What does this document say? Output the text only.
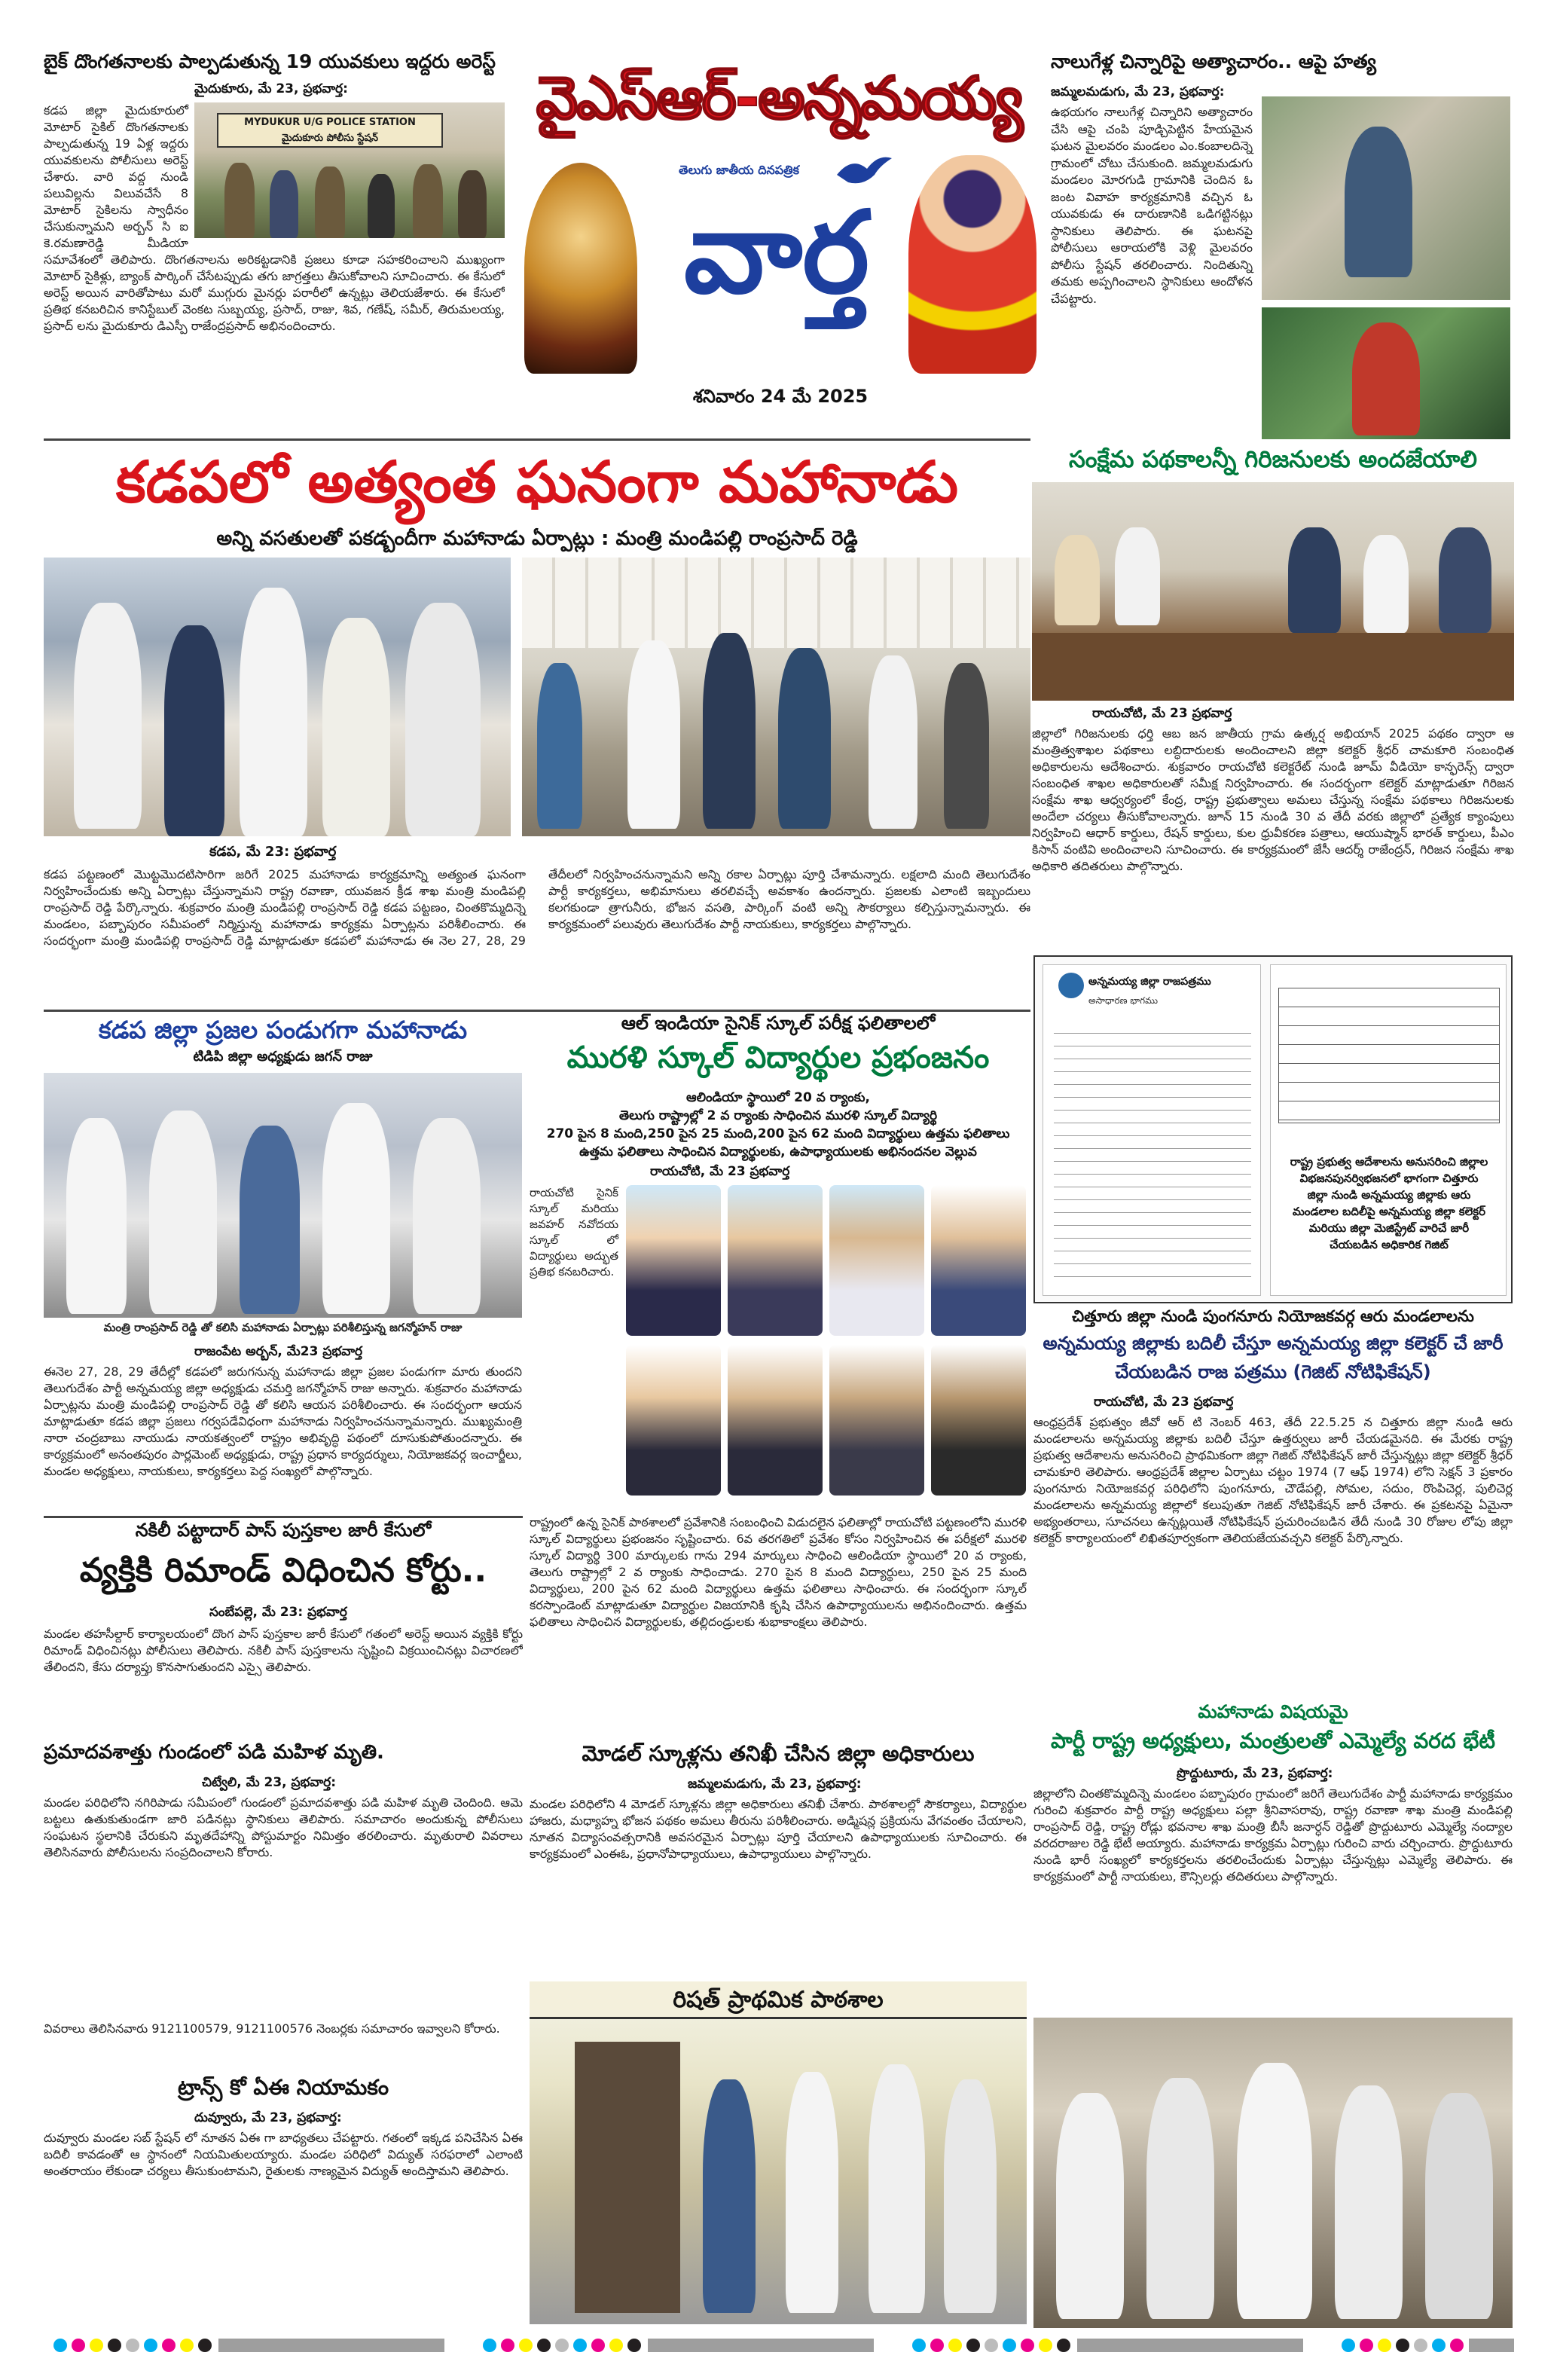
బైక్ దొంగతనాలకు పాల్పడుతున్న 19 యువకులు ఇద్దరు అరెస్ట్
మైదుకూరు, మే 23, ప్రభవార్త:
MYDUKUR U/G POLICE STATION
మైదుకూరు పోలీసు స్టేషన్
కడప జిల్లా మైదుకూరులో మోటార్ సైకిల్ దొంగతనాలకు పాల్పడుతున్న 19 ఏళ్ల ఇద్దరు యువకులను పోలీసులు అరెస్ట్ చేశారు. వారి వద్ద నుండి పలువిల్లను విలువచేసే 8 మోటార్ సైకిలను స్వాధీనం చేసుకున్నామని అర్బన్ సి ఐ కె.రమణారెడ్డి మీడియా సమావేశంలో తెలిపారు. దొంగతనాలను అరికట్టడానికి ప్రజలు కూడా సహకరించాలని ముఖ్యంగా మోటార్ సైకిళ్లు, బ్యాంక్ పార్కింగ్ చేసేటప్పుడు తగు జాగ్రత్తలు తీసుకోవాలని సూచించారు. ఈ కేసులో అరెస్ట్ అయిన వారితోపాటు మరో ముగ్గురు మైనర్లు పరారీలో ఉన్నట్లు తెలియజేశారు. ఈ కేసులో ప్రతిభ కనబరిచిన కానిస్టేబుల్ వెంకట సుబ్బయ్య, ప్రసాద్, రాజు, శివ, గణేష్, సమీర్, తిరుమలయ్య, ప్రసాద్ లను మైదుకూరు డిఎస్పీ రాజేంద్రప్రసాద్ అభినందించారు.
వైఎస్ఆర్-అన్నమయ్య
తెలుగు జాతీయ దినపత్రిక
వార్త
శనివారం 24 మే 2025
నాలుగేళ్ల చిన్నారిపై అత్యాచారం.. ఆపై హత్య
జమ్మలమడుగు, మే 23, ప్రభవార్త:
ఉభయగం నాలుగేళ్ల చిన్నారిని అత్యాచారం చేసి ఆపై చంపి పూడ్చిపెట్టిన హేయమైన ఘటన మైలవరం మండలం ఎం.కంబాలదిన్నె గ్రామంలో చోటు చేసుకుంది. జమ్మలమడుగు మండలం మోరగుడి గ్రామానికి చెందిన ఓ జంట వివాహ కార్యక్రమానికి వచ్చిన ఓ యువకుడు ఈ దారుణానికి ఒడిగట్టినట్లు స్థానికులు తెలిపారు. ఈ ఘటనపై పోలీసులు ఆరాయలోకి వెళ్లి మైలవరం పోలీసు స్టేషన్ తరలించారు. నిందితున్ని తమకు అప్పగించాలని స్థానికులు ఆందోళన చేపట్టారు.
కడపలో అత్యంత ఘనంగా మహానాడు
అన్ని వసతులతో పకడ్బందీగా మహానాడు ఏర్పాట్లు : మంత్రి మండిపల్లి రాంప్రసాద్ రెడ్డి
కడప, మే 23: ప్రభవార్త
కడప పట్టణంలో మొట్టమొదటిసారిగా జరిగే 2025 మహానాడు కార్యక్రమాన్ని అత్యంత ఘనంగా నిర్వహించేందుకు అన్ని ఏర్పాట్లు చేస్తున్నామని రాష్ట్ర రవాణా, యువజన క్రీడ శాఖ మంత్రి మండిపల్లి రాంప్రసాద్ రెడ్డి పేర్కొన్నారు. శుక్రవారం మంత్రి మండిపల్లి రాంప్రసాద్ రెడ్డి కడప పట్టణం, చింతకొమ్మదిన్నె మండలం, పబ్బాపురం సమీపంలో నిర్మిస్తున్న మహానాడు కార్యక్రమ ఏర్పాట్లను పరిశీలించారు. ఈ సందర్భంగా మంత్రి మండిపల్లి రాంప్రసాద్ రెడ్డి మాట్లాడుతూ కడపలో మహానాడు ఈ నెల 27, 28, 29 తేదీలలో నిర్వహించనున్నామని అన్ని రకాల ఏర్పాట్లు పూర్తి చేశామన్నారు. లక్షలాది మంది తెలుగుదేశం పార్టీ కార్యకర్తలు, అభిమానులు తరలివచ్చే అవకాశం ఉందన్నారు. ప్రజలకు ఎలాంటి ఇబ్బందులు కలగకుండా త్రాగునీరు, భోజన వసతి, పార్కింగ్ వంటి అన్ని సౌకర్యాలు కల్పిస్తున్నామన్నారు. ఈ కార్యక్రమంలో పలువురు తెలుగుదేశం పార్టీ నాయకులు, కార్యకర్తలు పాల్గొన్నారు.
సంక్షేమ పథకాలన్నీ గిరిజనులకు అందజేయాలి
రాయచోటి, మే 23 ప్రభవార్త
జిల్లాలో గిరిజనులకు ధర్తి ఆబ జన జాతీయ గ్రామ ఉత్కర్ష అభియాన్ 2025 పథకం ద్వారా ఆ మంత్రిత్వశాఖల పథకాలు లబ్ధిదారులకు అందించాలని జిల్లా కలెక్టర్ శ్రీధర్ చామకూరి సంబంధిత అధికారులను ఆదేశించారు. శుక్రవారం రాయచోటి కలెక్టరేట్ నుండి జూమ్ వీడియో కాన్ఫరెన్స్ ద్వారా సంబంధిత శాఖల అధికారులతో సమీక్ష నిర్వహించారు. ఈ సందర్భంగా కలెక్టర్ మాట్లాడుతూ గిరిజన సంక్షేమ శాఖ ఆధ్వర్యంలో కేంద్ర, రాష్ట్ర ప్రభుత్వాలు అమలు చేస్తున్న సంక్షేమ పథకాలు గిరిజనులకు అందేలా చర్యలు తీసుకోవాలన్నారు. జూన్ 15 నుండి 30 వ తేదీ వరకు జిల్లాలో ప్రత్యేక క్యాంపులు నిర్వహించి ఆధార్ కార్డులు, రేషన్ కార్డులు, కుల ధ్రువీకరణ పత్రాలు, ఆయుష్మాన్ భారత్ కార్డులు, పీఎం కిసాన్ వంటివి అందించాలని సూచించారు. ఈ కార్యక్రమంలో జేసీ ఆదర్శ్ రాజేంద్రన్, గిరిజన సంక్షేమ శాఖ అధికారి తదితరులు పాల్గొన్నారు.
అన్నమయ్య జిల్లా రాజపత్రము
అసాధారణ భాగము
రాష్ట్ర ప్రభుత్వ ఆదేశాలను అనుసరించి జిల్లాల
విభజనపునర్విభజనలో భాగంగా చిత్తూరు
జిల్లా నుండి అన్నమయ్య జిల్లాకు ఆరు
మండలాల బదిలీపై అన్నమయ్య జిల్లా కలెక్టర్
మరియు జిల్లా మెజిస్ట్రేట్ వారిచే జారీ
చేయబడిన అధికారిక గెజిట్
కడప జిల్లా ప్రజల పండుగగా మహానాడు
టిడిపి జిల్లా అధ్యక్షుడు జగన్ రాజు
మంత్రి రాంప్రసాద్ రెడ్డి తో కలిసి మహానాడు ఏర్పాట్లు పరిశీలిస్తున్న జగన్మోహన్ రాజు
రాజంపేట అర్బన్, మే23 ప్రభవార్త
ఈనెల 27, 28, 29 తేదీల్లో కడపలో జరుగనున్న మహానాడు జిల్లా ప్రజల పండుగగా మారు తుందని తెలుగుదేశం పార్టీ అన్నమయ్య జిల్లా అధ్యక్షుడు చమర్తి జగన్మోహన్ రాజు అన్నారు. శుక్రవారం మహానాడు ఏర్పాట్లను మంత్రి మండిపల్లి రాంప్రసాద్ రెడ్డి తో కలిసి ఆయన పరిశీలించారు. ఈ సందర్భంగా ఆయన మాట్లాడుతూ కడప జిల్లా ప్రజలు గర్వపడేవిధంగా మహానాడు నిర్వహించనున్నామన్నారు. ముఖ్యమంత్రి నారా చంద్రబాబు నాయుడు నాయకత్వంలో రాష్ట్రం అభివృద్ధి పథంలో దూసుకుపోతుందన్నారు. ఈ కార్యక్రమంలో అనంతపురం పార్లమెంట్ అధ్యక్షుడు, రాష్ట్ర ప్రధాన కార్యదర్శులు, నియోజకవర్గ ఇంచార్జీలు, మండల అధ్యక్షులు, నాయకులు, కార్యకర్తలు పెద్ద సంఖ్యలో పాల్గొన్నారు.
ఆల్ ఇండియా సైనిక్ స్కూల్ పరీక్ష ఫలితాలలో
మురళి స్కూల్ విద్యార్థుల ప్రభంజనం
ఆలిండియా స్థాయిలో 20 వ ర్యాంకు,
తెలుగు రాష్ట్రాల్లో 2 వ ర్యాంకు సాధించిన మురళి స్కూల్ విద్యార్థి
270 పైన 8 మంది,250 పైన 25 మంది,200 పైన 62 మంది విద్యార్థులు ఉత్తమ ఫలితాలు
ఉత్తమ ఫలితాలు సాధించిన విద్యార్థులకు, ఉపాధ్యాయులకు అభినందనల వెల్లువ
రాయచోటి, మే 23 ప్రభవార్త
రాయచోటి సైనిక్ స్కూల్ మరియు జవహర్ నవోదయ స్కూల్ లో విద్యార్థులు అద్భుత ప్రతిభ కనబరిచారు.
రాష్ట్రంలో ఉన్న సైనిక్ పాఠశాలలో ప్రవేశానికి సంబంధించి విడుదలైన ఫలితాల్లో రాయచోటి పట్టణంలోని మురళి స్కూల్ విద్యార్థులు ప్రభంజనం సృష్టించారు. 6వ తరగతిలో ప్రవేశం కోసం నిర్వహించిన ఈ పరీక్షలో మురళి స్కూల్ విద్యార్థి 300 మార్కులకు గాను 294 మార్కులు సాధించి ఆలిండియా స్థాయిలో 20 వ ర్యాంకు, తెలుగు రాష్ట్రాల్లో 2 వ ర్యాంకు సాధించాడు. 270 పైన 8 మంది విద్యార్థులు, 250 పైన 25 మంది విద్యార్థులు, 200 పైన 62 మంది విద్యార్థులు ఉత్తమ ఫలితాలు సాధించారు. ఈ సందర్భంగా స్కూల్ కరస్పాండెంట్ మాట్లాడుతూ విద్యార్థుల విజయానికి కృషి చేసిన ఉపాధ్యాయులను అభినందించారు. ఉత్తమ ఫలితాలు సాధించిన విద్యార్థులకు, తల్లిదండ్రులకు శుభాకాంక్షలు తెలిపారు.
చిత్తూరు జిల్లా నుండి పుంగనూరు నియోజకవర్గ ఆరు మండలాలను
అన్నమయ్య జిల్లాకు బదిలీ చేస్తూ అన్నమయ్య జిల్లా కలెక్టర్ చే జారీ
చేయబడిన రాజ పత్రము (గెజిట్ నోటిఫికేషన్)
రాయచోటి, మే 23 ప్రభవార్త
ఆంధ్రప్రదేశ్ ప్రభుత్వం జీవో ఆర్ టి నెంబర్ 463, తేదీ 22.5.25 న చిత్తూరు జిల్లా నుండి ఆరు మండలాలను అన్నమయ్య జిల్లాకు బదిలీ చేస్తూ ఉత్తర్వులు జారీ చేయడమైనది. ఈ మేరకు రాష్ట్ర ప్రభుత్వ ఆదేశాలను అనుసరించి ప్రాథమికంగా జిల్లా గెజిట్ నోటిఫికేషన్ జారీ చేస్తున్నట్లు జిల్లా కలెక్టర్ శ్రీధర్ చామకూరి తెలిపారు. ఆంధ్రప్రదేశ్ జిల్లాల ఏర్పాటు చట్టం 1974 (7 ఆఫ్ 1974) లోని సెక్షన్ 3 ప్రకారం పుంగనూరు నియోజకవర్గ పరిధిలోని పుంగనూరు, చౌడేపల్లి, సోమల, సదుం, రొంపిచెర్ల, పులిచెర్ల మండలాలను అన్నమయ్య జిల్లాలో కలుపుతూ గెజిట్ నోటిఫికేషన్ జారీ చేశారు. ఈ ప్రకటనపై ఏమైనా అభ్యంతరాలు, సూచనలు ఉన్నట్లయితే నోటిఫికేషన్ ప్రచురించబడిన తేదీ నుండి 30 రోజుల లోపు జిల్లా కలెక్టర్ కార్యాలయంలో లిఖితపూర్వకంగా తెలియజేయవచ్చని కలెక్టర్ పేర్కొన్నారు.
నకిలీ పట్టాదార్ పాస్ పుస్తకాల జారీ కేసులో
వ్యక్తికి రిమాండ్ విధించిన కోర్టు..
సంబేపల్లె, మే 23: ప్రభవార్త
మండల తహసీల్దార్ కార్యాలయంలో దొంగ పాస్ పుస్తకాల జారీ కేసులో గతంలో అరెస్ట్ అయిన వ్యక్తికి కోర్టు రిమాండ్ విధించినట్లు పోలీసులు తెలిపారు. నకిలీ పాస్ పుస్తకాలను సృష్టించి విక్రయించినట్లు విచారణలో తేలిందని, కేసు దర్యాప్తు కొనసాగుతుందని ఎస్సై తెలిపారు.
ప్రమాదవశాత్తు గుండంలో పడి మహిళ మృతి.
చిట్వేలి, మే 23, ప్రభవార్త:
మండల పరిధిలోని నగిరిపాడు సమీపంలో గుండంలో ప్రమాదవశాత్తు పడి మహిళ మృతి చెందింది. ఆమె బట్టలు ఉతుకుతుండగా జారి పడినట్లు స్థానికులు తెలిపారు. సమాచారం అందుకున్న పోలీసులు సంఘటన స్థలానికి చేరుకుని మృతదేహాన్ని పోస్టుమార్టం నిమిత్తం తరలించారు. మృతురాలి వివరాలు తెలిసినవారు పోలీసులను సంప్రదించాలని కోరారు.
వివరాలు తెలిసినవారు 9121100579, 9121100576 నెంబర్లకు సమాచారం ఇవ్వాలని కోరారు.
ట్రాన్స్ కో ఏఈ నియామకం
దువ్వూరు, మే 23, ప్రభవార్త:
దువ్వూరు మండల సబ్ స్టేషన్ లో నూతన ఏఈ గా బాధ్యతలు చేపట్టారు. గతంలో ఇక్కడ పనిచేసిన ఏఈ బదిలీ కావడంతో ఆ స్థానంలో నియమితులయ్యారు. మండల పరిధిలో విద్యుత్ సరఫరాలో ఎలాంటి అంతరాయం లేకుండా చర్యలు తీసుకుంటామని, రైతులకు నాణ్యమైన విద్యుత్ అందిస్తామని తెలిపారు.
మోడల్ స్కూళ్లను తనిఖీ చేసిన జిల్లా అధికారులు
జమ్మలమడుగు, మే 23, ప్రభవార్త:
మండల పరిధిలోని 4 మోడల్ స్కూళ్లను జిల్లా అధికారులు తనిఖీ చేశారు. పాఠశాలల్లో సౌకర్యాలు, విద్యార్థుల హాజరు, మధ్యాహ్న భోజన పథకం అమలు తీరును పరిశీలించారు. అడ్మిషన్ల ప్రక్రియను వేగవంతం చేయాలని, నూతన విద్యాసంవత్సరానికి అవసరమైన ఏర్పాట్లు పూర్తి చేయాలని ఉపాధ్యాయులకు సూచించారు. ఈ కార్యక్రమంలో ఎంఈఓ, ప్రధానోపాధ్యాయులు, ఉపాధ్యాయులు పాల్గొన్నారు.
రిషత్ ప్రాథమిక పాఠశాల
మహానాడు విషయమై
పార్టీ రాష్ట్ర అధ్యక్షులు, మంత్రులతో ఎమ్మెల్యే వరద భేటీ
ప్రొద్దుటూరు, మే 23, ప్రభవార్త:
జిల్లాలోని చింతకొమ్మదిన్నె మండలం పబ్బాపురం గ్రామంలో జరిగే తెలుగుదేశం పార్టీ మహానాడు కార్యక్రమం గురించి శుక్రవారం పార్టీ రాష్ట్ర అధ్యక్షులు పల్లా శ్రీనివాసరావు, రాష్ట్ర రవాణా శాఖ మంత్రి మండిపల్లి రాంప్రసాద్ రెడ్డి, రాష్ట్ర రోడ్లు భవనాల శాఖ మంత్రి బీసీ జనార్ధన్ రెడ్డితో ప్రొద్దుటూరు ఎమ్మెల్యే నంద్యాల వరదరాజుల రెడ్డి భేటీ అయ్యారు. మహానాడు కార్యక్రమ ఏర్పాట్లు గురించి వారు చర్చించారు. ప్రొద్దుటూరు నుండి భారీ సంఖ్యలో కార్యకర్తలను తరలించేందుకు ఏర్పాట్లు చేస్తున్నట్లు ఎమ్మెల్యే తెలిపారు. ఈ కార్యక్రమంలో పార్టీ నాయకులు, కౌన్సిలర్లు తదితరులు పాల్గొన్నారు.
